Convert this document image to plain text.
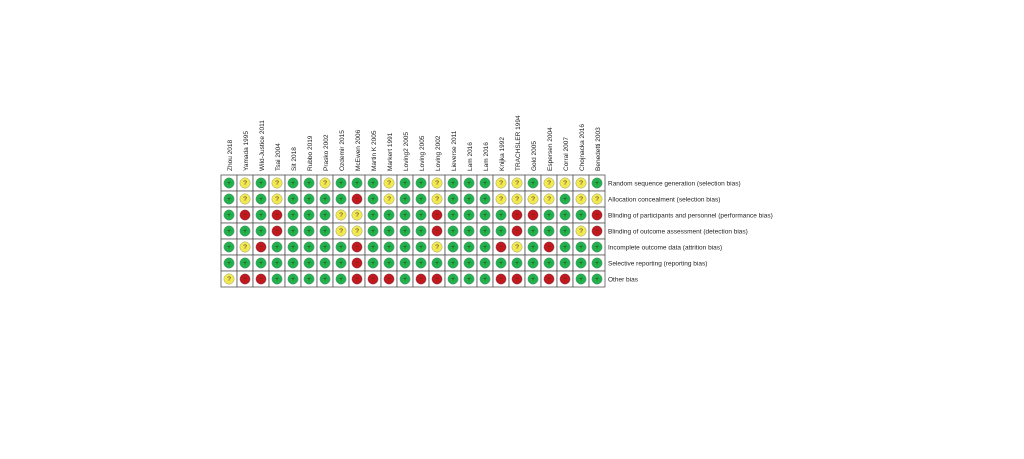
Zhou 2018 Yamada 1995 Wild-Justice 2011 Tsai 2004 Sit 2018 Rubbo 2019 Prasko 2002 Ozdemir 2015 McEwen 2006 Martin K 2005 Markert 1991 Loving2 2005 Loving 2005 Loving 2002 Lieverse 2011 Lam 2016 Lam 2016 Knijka 1992 TRACHSLER 1994 Gold 2005 Espersen 2004 Corral 2007 Chojnacka 2016 Benedetti 2003
Random sequence generation (selection bias)
Allocation concealment (selection bias)
Blinding of participants and personnel (performance bias)
Blinding of outcome assessment (detection bias)
Incomplete outcome data (attrition bias)
Selective reporting (reporting bias)
Other bias
+ ? + ? + + ? + + + ? + + ? + + + ? ? + ? ? ? +
+ ? + ? + + + + − + ? + + ? + + + ? ? ? ? + ? ?
+ − + − + + + ? ? + + + + − + + + + − − + + + −
+ + + − + + + ? ? + + + + − + + + + − + + + ? −
+ ? − + + + + + − + + + + ? + + + − ? + − + + +
+ + + + + + + + − + + + + + + + + + + + + + + +
? − − + + + + + − − − + − − + + + − − + − − + +
